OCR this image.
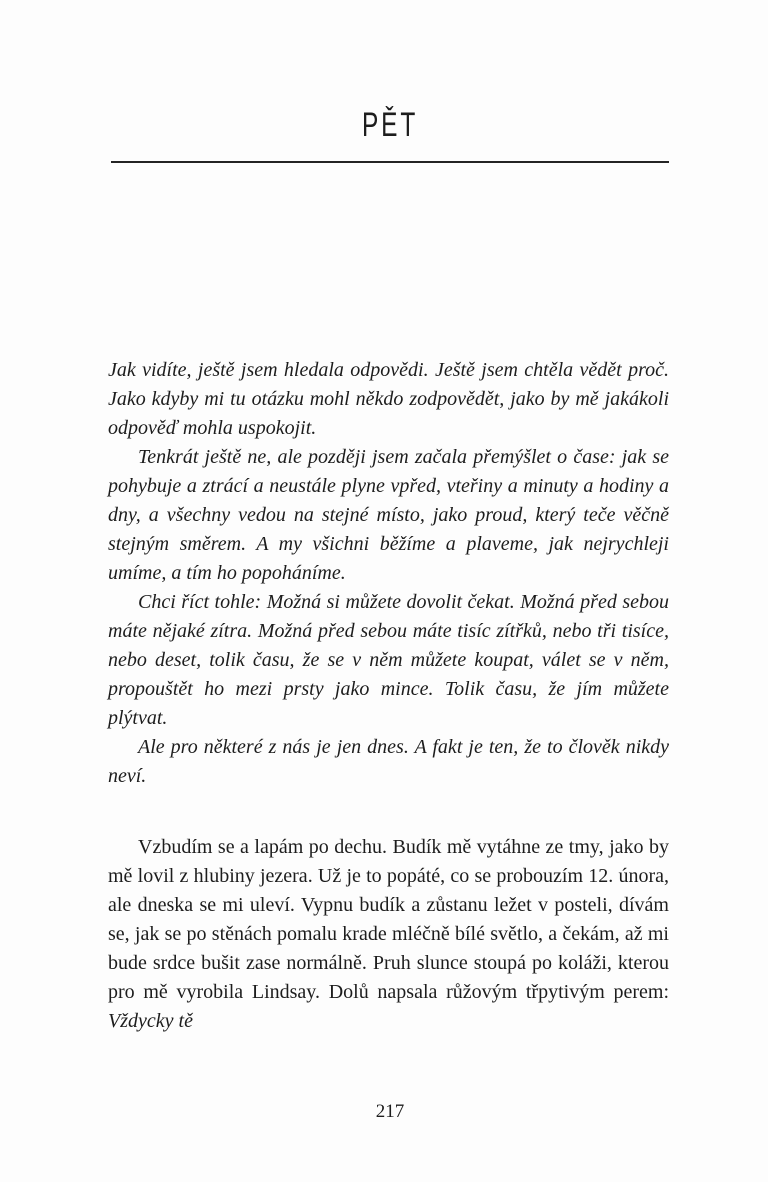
PĚT

Jak vidíte, ještě jsem hledala odpovědi. Ještě jsem chtěla vědět proč. Jako kdyby mi tu otázku mohl někdo zodpovědět, jako by mě jakákoli odpověď mohla uspokojit.

Tenkrát ještě ne, ale později jsem začala přemýšlet o čase: jak se pohybuje a ztrácí a neustále plyne vpřed, vteřiny a minuty a hodiny a dny, a všechny vedou na stejné místo, jako proud, který teče věčně stejným směrem. A my všichni běžíme a plaveme, jak nejrychleji umíme, a tím ho popoháníme.

Chci říct tohle: Možná si můžete dovolit čekat. Možná před sebou máte nějaké zítra. Možná před sebou máte tisíc zítřků, nebo tři tisíce, nebo deset, tolik času, že se v něm můžete koupat, válet se v něm, propouštět ho mezi prsty jako mince. Tolik času, že jím můžete plýtvat.

Ale pro některé z nás je jen dnes. A fakt je ten, že to člověk nikdy neví.

Vzbudím se a lapám po dechu. Budík mě vytáhne ze tmy, jako by mě lovil z hlubiny jezera. Už je to popáté, co se probouzím 12. února, ale dneska se mi uleví. Vypnu budík a zůstanu ležet v posteli, dívám se, jak se po stěnách pomalu krade mléčně bílé světlo, a čekám, až mi bude srdce bušit zase normálně. Pruh slunce stoupá po koláži, kterou pro mě vyrobila Lindsay. Dolů napsala růžovým třpytivým perem: Vždycky tě

217
